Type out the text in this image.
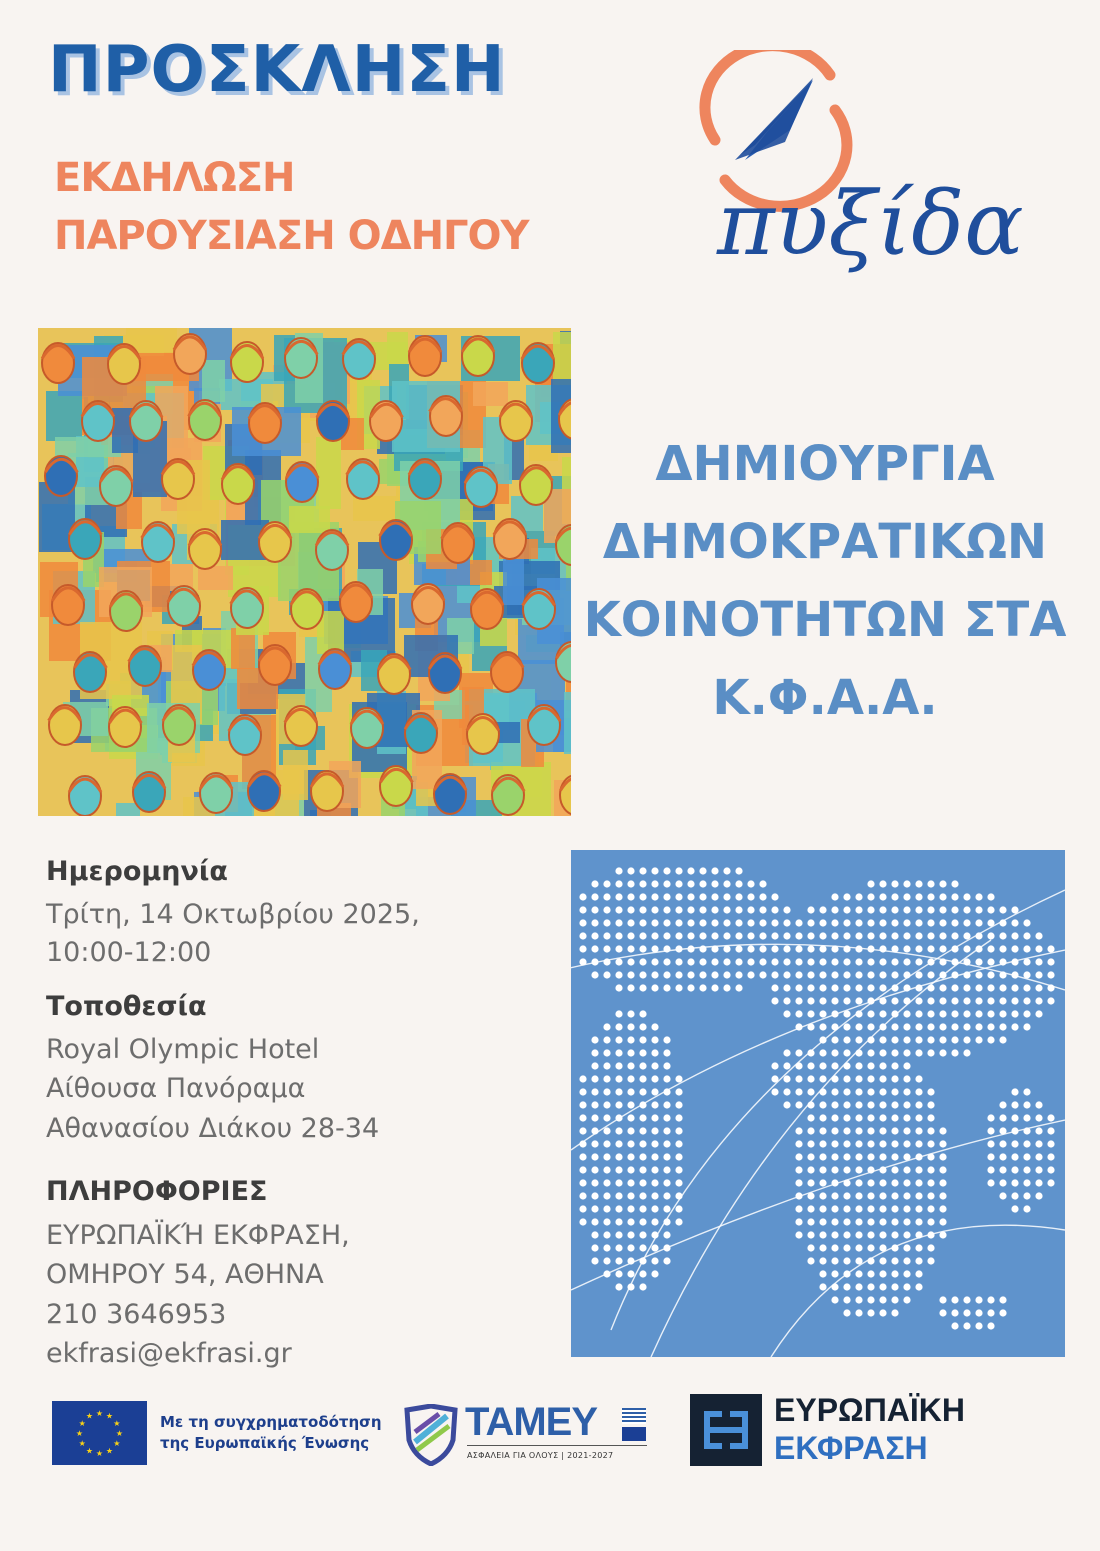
ΠΡΟΣΚΛΗΣΗ
ΕΚΔΗΛΩΣΗ
ΠΑΡΟΥΣΙΑΣΗ ΟΔΗΓΟΥ πυξίδα
ΔΗΜΙΟΥΡΓΙΑ
ΔΗΜΟΚΡΑΤΙΚΩΝ
ΚΟΙΝΟΤΗΤΩΝ ΣΤΑ
Κ.Φ.Α.Α.
Ημερομηνία
Τρίτη, 14 Οκτωβρίου 2025,
10:00-12:00
Τοποθεσία
Royal Olympic Hotel
Αίθουσα Πανόραμα
Αθανασίου Διάκου 28-34
ΠΛΗΡΟΦΟΡΙΕΣ
ΕΥΡΩΠΑΪΚΉ ΕΚΦΡΑΣΗ,
ΟΜΗΡΟΥ 54, ΑΘΗΝΑ
210 3646953
ekfrasi@ekfrasi.gr
★
★
★
★
★
★
★
★
★ ★ ★
★	Με τη συγχρηματοδότηση
της Ευρωπαϊκής Ένωσης	ΤΑΜΕΥ
ΑΣΦΑΛΕΙΑ ΓΙΑ ΟΛΟΥΣ | 2021-2027
ΕΥΡΩΠΑΪΚΗ
ΕΚΦΡΑΣΗ
